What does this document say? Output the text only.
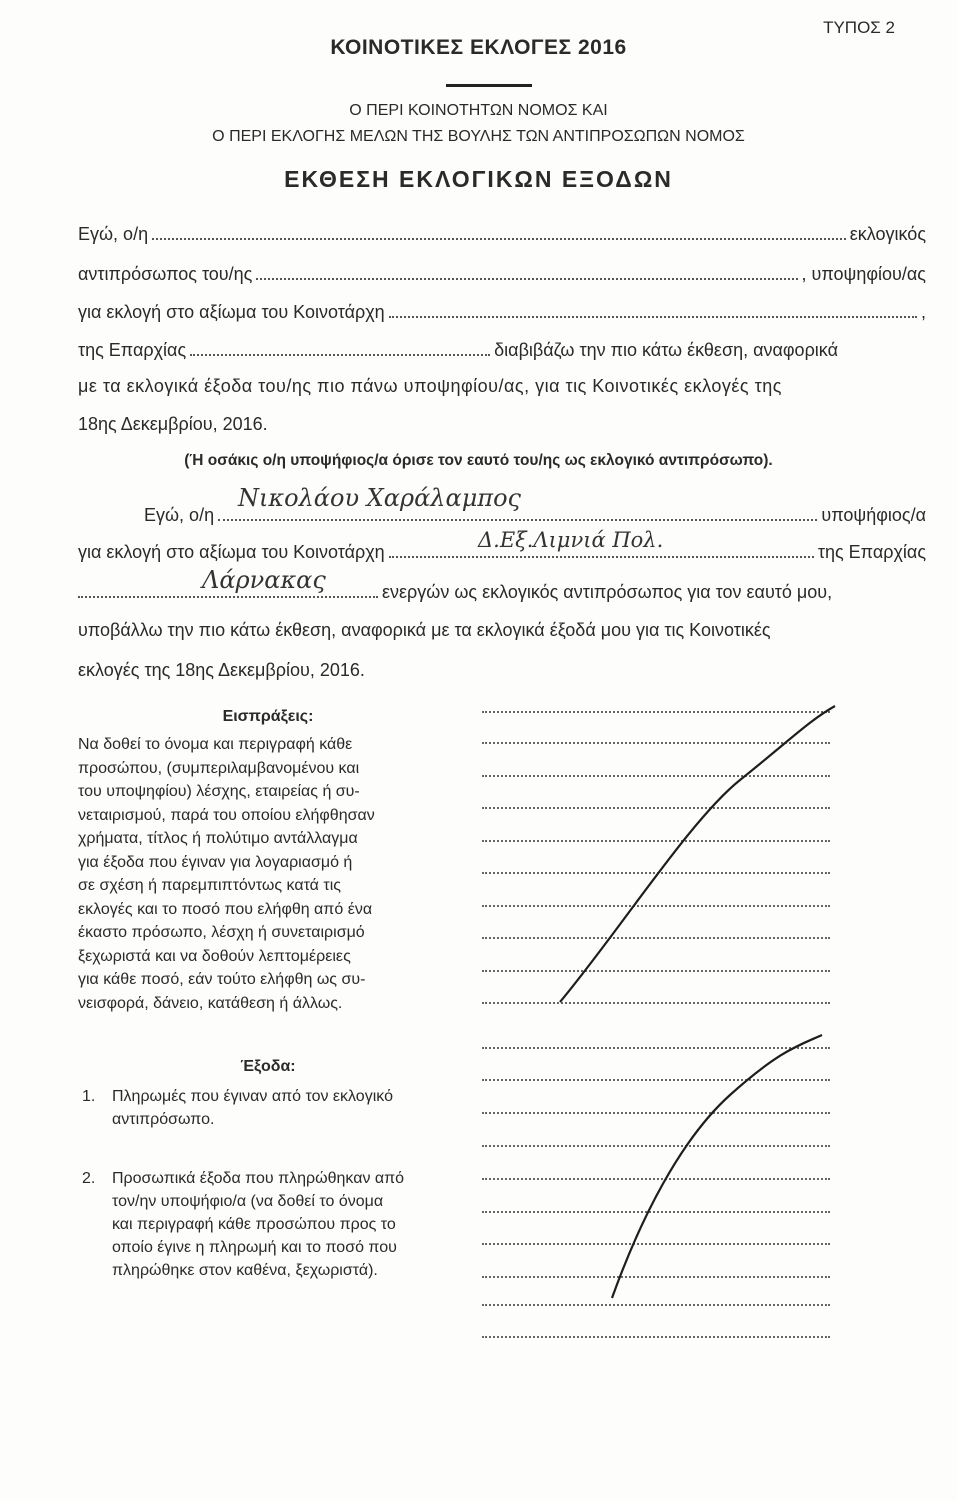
ΤΥΠΟΣ 2
ΚΟΙΝΟΤΙΚΕΣ ΕΚΛΟΓΕΣ 2016
Ο ΠΕΡΙ ΚΟΙΝΟΤΗΤΩΝ ΝΟΜΟΣ ΚΑΙ
Ο ΠΕΡΙ ΕΚΛΟΓΗΣ ΜΕΛΩΝ ΤΗΣ ΒΟΥΛΗΣ ΤΩΝ ΑΝΤΙΠΡΟΣΩΠΩΝ ΝΟΜΟΣ
ΕΚΘΕΣΗ ΕΚΛΟΓΙΚΩΝ ΕΞΟΔΩΝ
Εγώ, ο/η	εκλογικός
αντιπρόσωπος του/ης	, υποψηφίου/ας
για εκλογή στο αξίωμα του Κοινοτάρχη	,
της Επαρχίας	διαβιβάζω την πιο κάτω έκθεση, αναφορικά
με τα εκλογικά έξοδα του/ης πιο πάνω υποψηφίου/ας, για τις Κοινοτικές εκλογές της
18ης Δεκεμβρίου, 2016.
(Ή οσάκις ο/η υποψήφιος/α όρισε τον εαυτό του/ης ως εκλογικό αντιπρόσωπο).
Εγώ, ο/η	υποψήφιος/α
Νικολάου Χαράλαμπος
για εκλογή στο αξίωμα του Κοινοτάρχη	της Επαρχίας
Δ.Εξ.Λιμνιά Πολ.
ενεργών ως εκλογικός αντιπρόσωπος για τον εαυτό μου,
Λάρνακας
υποβάλλω την πιο κάτω έκθεση, αναφορικά με τα εκλογικά έξοδά μου για τις Κοινοτικές
εκλογές της 18ης Δεκεμβρίου, 2016.
Εισπράξεις:
Να δοθεί το όνομα και περιγραφή κάθε
προσώπου, (συμπεριλαμβανομένου και
του υποψηφίου) λέσχης, εταιρείας ή συ-
νεταιρισμού, παρά του οποίου ελήφθησαν
χρήματα, τίτλος ή πολύτιμο αντάλλαγμα
για έξοδα που έγιναν για λογαριασμό ή
σε σχέση ή παρεμπιπτόντως κατά τις
εκλογές και το ποσό που ελήφθη από ένα
έκαστο πρόσωπο, λέσχη ή συνεταιρισμό
ξεχωριστά και να δοθούν λεπτομέρειες
για κάθε ποσό, εάν τούτο ελήφθη ως συ-
νεισφορά, δάνειο, κατάθεση ή άλλως.
Έξοδα:
1.	Πληρωμές που έγιναν από τον εκλογικό
αντιπρόσωπο.
2.	Προσωπικά έξοδα που πληρώθηκαν από
τον/ην υποψήφιο/α (να δοθεί το όνομα
και περιγραφή κάθε προσώπου προς το
οποίο έγινε η πληρωμή και το ποσό που
πληρώθηκε στον καθένα, ξεχωριστά).
